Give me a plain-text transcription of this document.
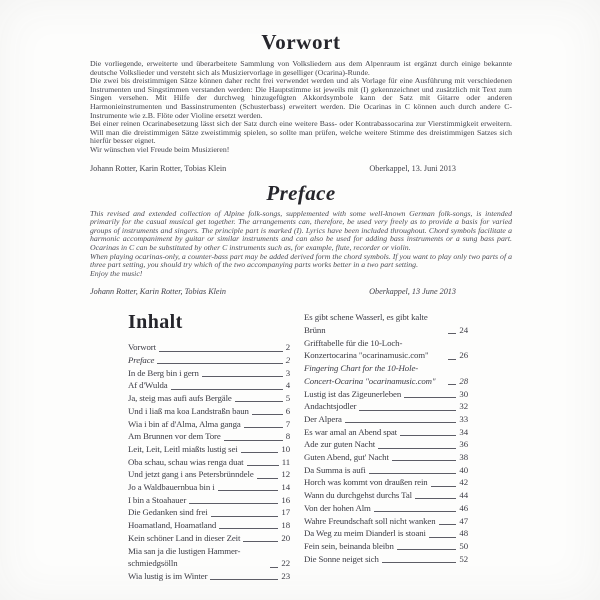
Vorwort

Die vorliegende, erweiterte und überarbeitete Sammlung von Volksliedern aus dem Alpenraum ist ergänzt durch einige bekannte deutsche Volkslieder und versteht sich als Musiziervorlage in geselliger (Ocarina)-Runde.

Die zwei bis dreistimmigen Sätze können daher recht frei verwendet werden und als Vorlage für eine Ausführung mit verschiedenen Instrumenten und Singstimmen verstanden werden: Die Hauptstimme ist jeweils mit (I) gekennzeichnet und zusätzlich mit Text zum Singen versehen. Mit Hilfe der durchweg hinzugefügten Akkordsymbole kann der Satz mit Gitarre oder anderen Harmonieinstrumenten und Bassinstrumenten (Schusterbass) erweitert werden. Die Ocarinas in C können auch durch andere C-Instrumente wie z.B. Flöte oder Violine ersetzt werden.

Bei einer reinen Ocarinabesetzung lässt sich der Satz durch eine weitere Bass- oder Kontrabassocarina zur Vierstimmigkeit erweitern. Will man die dreistimmigen Sätze zweistimmig spielen, so sollte man prüfen, welche weitere Stimme des dreistimmigen Satzes sich hierfür besser eignet.

Wir wünschen viel Freude beim Musizieren!

Johann Rotter, Karin Rotter, Tobias Klein	Oberkappel, 13. Juni 2013
Preface

This revised and extended collection of Alpine folk-songs, supplemented with some well-known German folk-songs, is intended primarily for the casual musical get together. The arrangements can, therefore, be used very freely as to provide a basis for varied groups of instruments and singers. The principle part is marked (I). Lyrics have been included throughout. Chord symbols facilitate a harmonic accompaniment by guitar or similar instruments and can also be used for adding bass instruments or a sung bass part. Ocarinas in C can be substituted by other C instruments such as, for example, flute, recorder or violin.

When playing ocarinas-only, a counter-bass part may be added derived form the chord symbols. If you want to play only two parts of a three part setting, you should try which of the two accompanying parts works better in a two part setting.

Enjoy the music!

Johann Rotter, Karin Rotter, Tobias Klein	Oberkappel, 13 June 2013
Inhalt
Vorwort	2
Preface	2
In de Berg bin i gern	3
Af d'Wulda	4
Ja, steig mas aufi aufs Bergäle	5
Und i liaß ma koa Landstraßn baun	6
Wia i bin af d'Alma, Alma ganga	7
Am Brunnen vor dem Tore	8
Leit, Leit, Leitl miaßts lustig sei	10
Oba schau, schau wias renga duat	11
Und jetzt gang i ans Petersbrünndele	12
Jo a Waldbauernbua bin i	14
I bin a Stoahauer	16
Die Gedanken sind frei	17
Hoamatland, Hoamatland	18
Kein schöner Land in dieser Zeit	20
Mia san ja die lustigen Hammer-schmiedgsölln	22
Wia lustig is im Winter	23
Es gibt schene Wasserl, es gibt kalte Brünn	24
Grifftabelle für die 10-Loch-Konzertocarina "ocarinamusic.com"	26
Fingering Chart for the 10-Hole-Concert-Ocarina "ocarinamusic.com"	28
Lustig ist das Zigeunerleben	30
Andachtsjodler	32
Der Alpera	33
Es war amal an Abend spat	34
Ade zur guten Nacht	36
Guten Abend, gut' Nacht	38
Da Summa is aufi	40
Horch was kommt von draußen rein	42
Wann du durchgehst durchs Tal	44
Von der hohen Alm	46
Wahre Freundschaft soll nicht wanken	47
Da Weg zu meim Dianderl is stoani	48
Fein sein, beinanda bleibn	50
Die Sonne neiget sich	52
